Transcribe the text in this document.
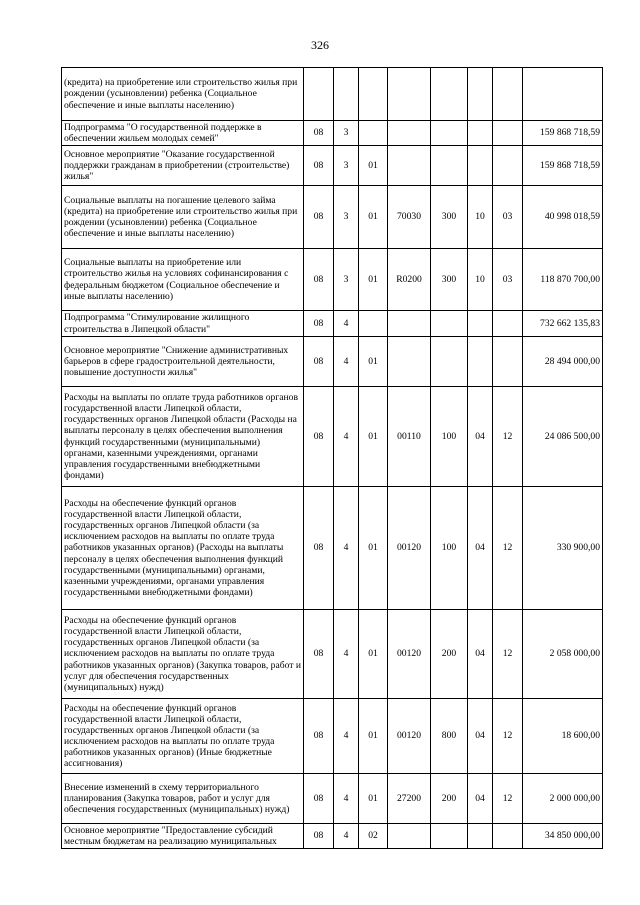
326
(кредита) на приобретение или строительство жилья при рождении (усыновлении) ребенка (Социальное обеспечение и иные выплаты населению)								
Подпрограмма "О государственной поддержке в обеспечении жильем молодых семей"	08	3						159 868 718,59
Основное мероприятие "Оказание государственной поддержки гражданам в приобретении (строительстве) жилья"	08	3	01					159 868 718,59
Социальные выплаты на погашение целевого займа (кредита) на приобретение или строительство жилья при рождении (усыновлении) ребенка (Социальное обеспечение и иные выплаты населению)	08	3	01	70030	300	10	03	40 998 018,59
Социальные выплаты на приобретение или строительство жилья на условиях софинансирования с федеральным бюджетом (Социальное обеспечение и иные выплаты населению)	08	3	01	R0200	300	10	03	118 870 700,00
Подпрограмма "Стимулирование жилищного строительства в Липецкой области"	08	4						732 662 135,83
Основное мероприятие "Снижение административных барьеров в сфере градостроительной деятельности, повышение доступности жилья"	08	4	01					28 494 000,00
Расходы на выплаты по оплате труда работников органов государственной власти Липецкой области, государственных органов Липецкой области (Расходы на выплаты персоналу в целях обеспечения выполнения функций государственными (муниципальными) органами, казенными учреждениями, органами управления государственными внебюджетными фондами)	08	4	01	00110	100	04	12	24 086 500,00
Расходы на обеспечение функций органов государственной власти Липецкой области, государственных органов Липецкой области (за исключением расходов на выплаты по оплате труда работников указанных органов) (Расходы на выплаты персоналу в целях обеспечения выполнения функций государственными (муниципальными) органами, казенными учреждениями, органами управления государственными внебюджетными фондами)	08	4	01	00120	100	04	12	330 900,00
Расходы на обеспечение функций органов государственной власти Липецкой области, государственных органов Липецкой области (за исключением расходов на выплаты по оплате труда работников указанных органов) (Закупка товаров, работ и услуг для обеспечения государственных (муниципальных) нужд)	08	4	01	00120	200	04	12	2 058 000,00
Расходы на обеспечение функций органов государственной власти Липецкой области, государственных органов Липецкой области (за исключением расходов на выплаты по оплате труда работников указанных органов) (Иные бюджетные ассигнования)	08	4	01	00120	800	04	12	18 600,00
Внесение изменений в схему территориального планирования (Закупка товаров, работ и услуг для обеспечения государственных (муниципальных) нужд)	08	4	01	27200	200	04	12	2 000 000,00
Основное мероприятие "Предоставление субсидий местным бюджетам на реализацию муниципальных	08	4	02					34 850 000,00
